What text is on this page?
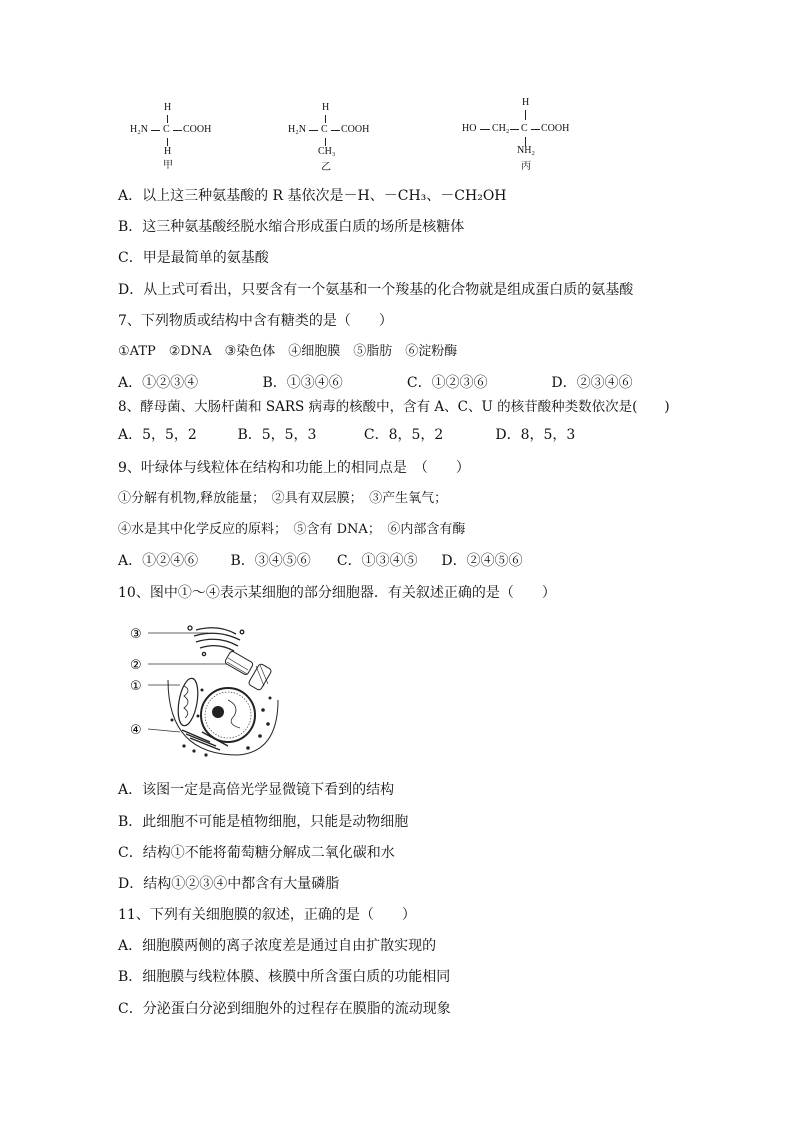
H
H₂N C COOH
H
甲
H
H₂N C COOH
CH₃
乙
H
HO CH₂ C COOH
NH₂
丙
A．以上这三种氨基酸的 R 基依次是－H、－CH₃、－CH₂OH
B．这三种氨基酸经脱水缩合形成蛋白质的场所是核糖体
C．甲是最简单的氨基酸
D．从上式可看出，只要含有一个氨基和一个羧基的化合物就是组成蛋白质的氨基酸
7、下列物质或结构中含有糖类的是（　　）
①ATP　②DNA　③染色体　④细胞膜　⑤脂肪　⑥淀粉酶
A．①②③④	B．①③④⑥	C．①②③⑥	D．②③④⑥
8、酵母菌、大肠杆菌和 SARS 病毒的核酸中，含有 A、C、U 的核苷酸种类数依次是(　　)
A．5，5，2	B．5，5，3	C．8，5，2	D．8，5，3
9、叶绿体与线粒体在结构和功能上的相同点是　（　　）
①分解有机物,释放能量；　②具有双层膜；　③产生氧气；
④水是其中化学反应的原料；　⑤含有 DNA；　⑥内部含有酶
A．①②④⑥ B．③④⑤⑥ C．①③④⑤ D．②④⑤⑥
10、图中①～④表示某细胞的部分细胞器．有关叙述正确的是（　　）
③
②
①
④
A．该图一定是高倍光学显微镜下看到的结构
B．此细胞不可能是植物细胞，只能是动物细胞
C．结构①不能将葡萄糖分解成二氧化碳和水
D．结构①②③④中都含有大量磷脂
11、下列有关细胞膜的叙述，正确的是（　　）
A．细胞膜两侧的离子浓度差是通过自由扩散实现的
B．细胞膜与线粒体膜、核膜中所含蛋白质的功能相同
C．分泌蛋白分泌到细胞外的过程存在膜脂的流动现象
